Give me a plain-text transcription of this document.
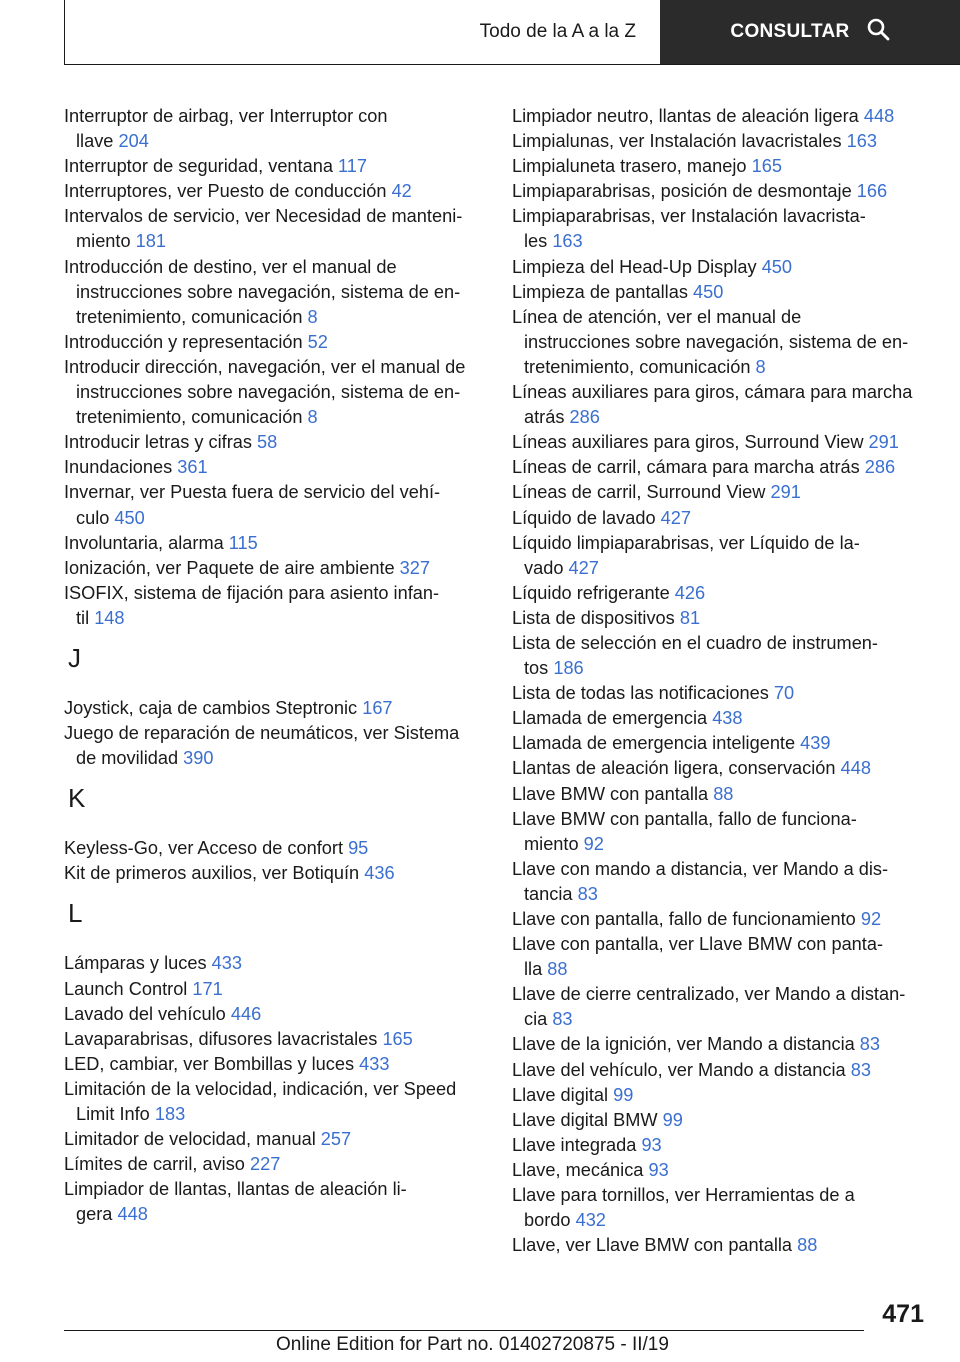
Todo de la A a la Z	CONSULTAR
Interruptor de airbag, ver Interruptor con
llave 204
Interruptor de seguridad, ventana 117
Interruptores, ver Puesto de conducción 42
Intervalos de servicio, ver Necesidad de manteni‐
miento 181
Introducción de destino, ver el manual de
instrucciones sobre navegación, sistema de en‐
tretenimiento, comunicación 8
Introducción y representación 52
Introducir dirección, navegación, ver el manual de
instrucciones sobre navegación, sistema de en‐
tretenimiento, comunicación 8
Introducir letras y cifras 58
Inundaciones 361
Invernar, ver Puesta fuera de servicio del vehí‐
culo 450
Involuntaria, alarma 115
Ionización, ver Paquete de aire ambiente 327
ISOFIX, sistema de fijación para asiento infan‐
til 148
J
Joystick, caja de cambios Steptronic 167
Juego de reparación de neumáticos, ver Sistema
de movilidad 390
K
Keyless-Go, ver Acceso de confort 95
Kit de primeros auxilios, ver Botiquín 436
L
Lámparas y luces 433
Launch Control 171
Lavado del vehículo 446
Lavaparabrisas, difusores lavacristales 165
LED, cambiar, ver Bombillas y luces 433
Limitación de la velocidad, indicación, ver Speed
Limit Info 183
Limitador de velocidad, manual 257
Límites de carril, aviso 227
Limpiador de llantas, llantas de aleación li‐
gera 448
Limpiador neutro, llantas de aleación ligera 448
Limpialunas, ver Instalación lavacristales 163
Limpialuneta trasero, manejo 165
Limpiaparabrisas, posición de desmontaje 166
Limpiaparabrisas, ver Instalación lavacrista‐
les 163
Limpieza del Head-Up Display 450
Limpieza de pantallas 450
Línea de atención, ver el manual de
instrucciones sobre navegación, sistema de en‐
tretenimiento, comunicación 8
Líneas auxiliares para giros, cámara para marcha
atrás 286
Líneas auxiliares para giros, Surround View 291
Líneas de carril, cámara para marcha atrás 286
Líneas de carril, Surround View 291
Líquido de lavado 427
Líquido limpiaparabrisas, ver Líquido de la‐
vado 427
Líquido refrigerante 426
Lista de dispositivos 81
Lista de selección en el cuadro de instrumen‐
tos 186
Lista de todas las notificaciones 70
Llamada de emergencia 438
Llamada de emergencia inteligente 439
Llantas de aleación ligera, conservación 448
Llave BMW con pantalla 88
Llave BMW con pantalla, fallo de funciona‐
miento 92
Llave con mando a distancia, ver Mando a dis‐
tancia 83
Llave con pantalla, fallo de funcionamiento 92
Llave con pantalla, ver Llave BMW con panta‐
lla 88
Llave de cierre centralizado, ver Mando a distan‐
cia 83
Llave de la ignición, ver Mando a distancia 83
Llave del vehículo, ver Mando a distancia 83
Llave digital 99
Llave digital BMW 99
Llave integrada 93
Llave, mecánica 93
Llave para tornillos, ver Herramientas de a
bordo 432
Llave, ver Llave BMW con pantalla 88
471
Online Edition for Part no. 01402720875 - II/19
